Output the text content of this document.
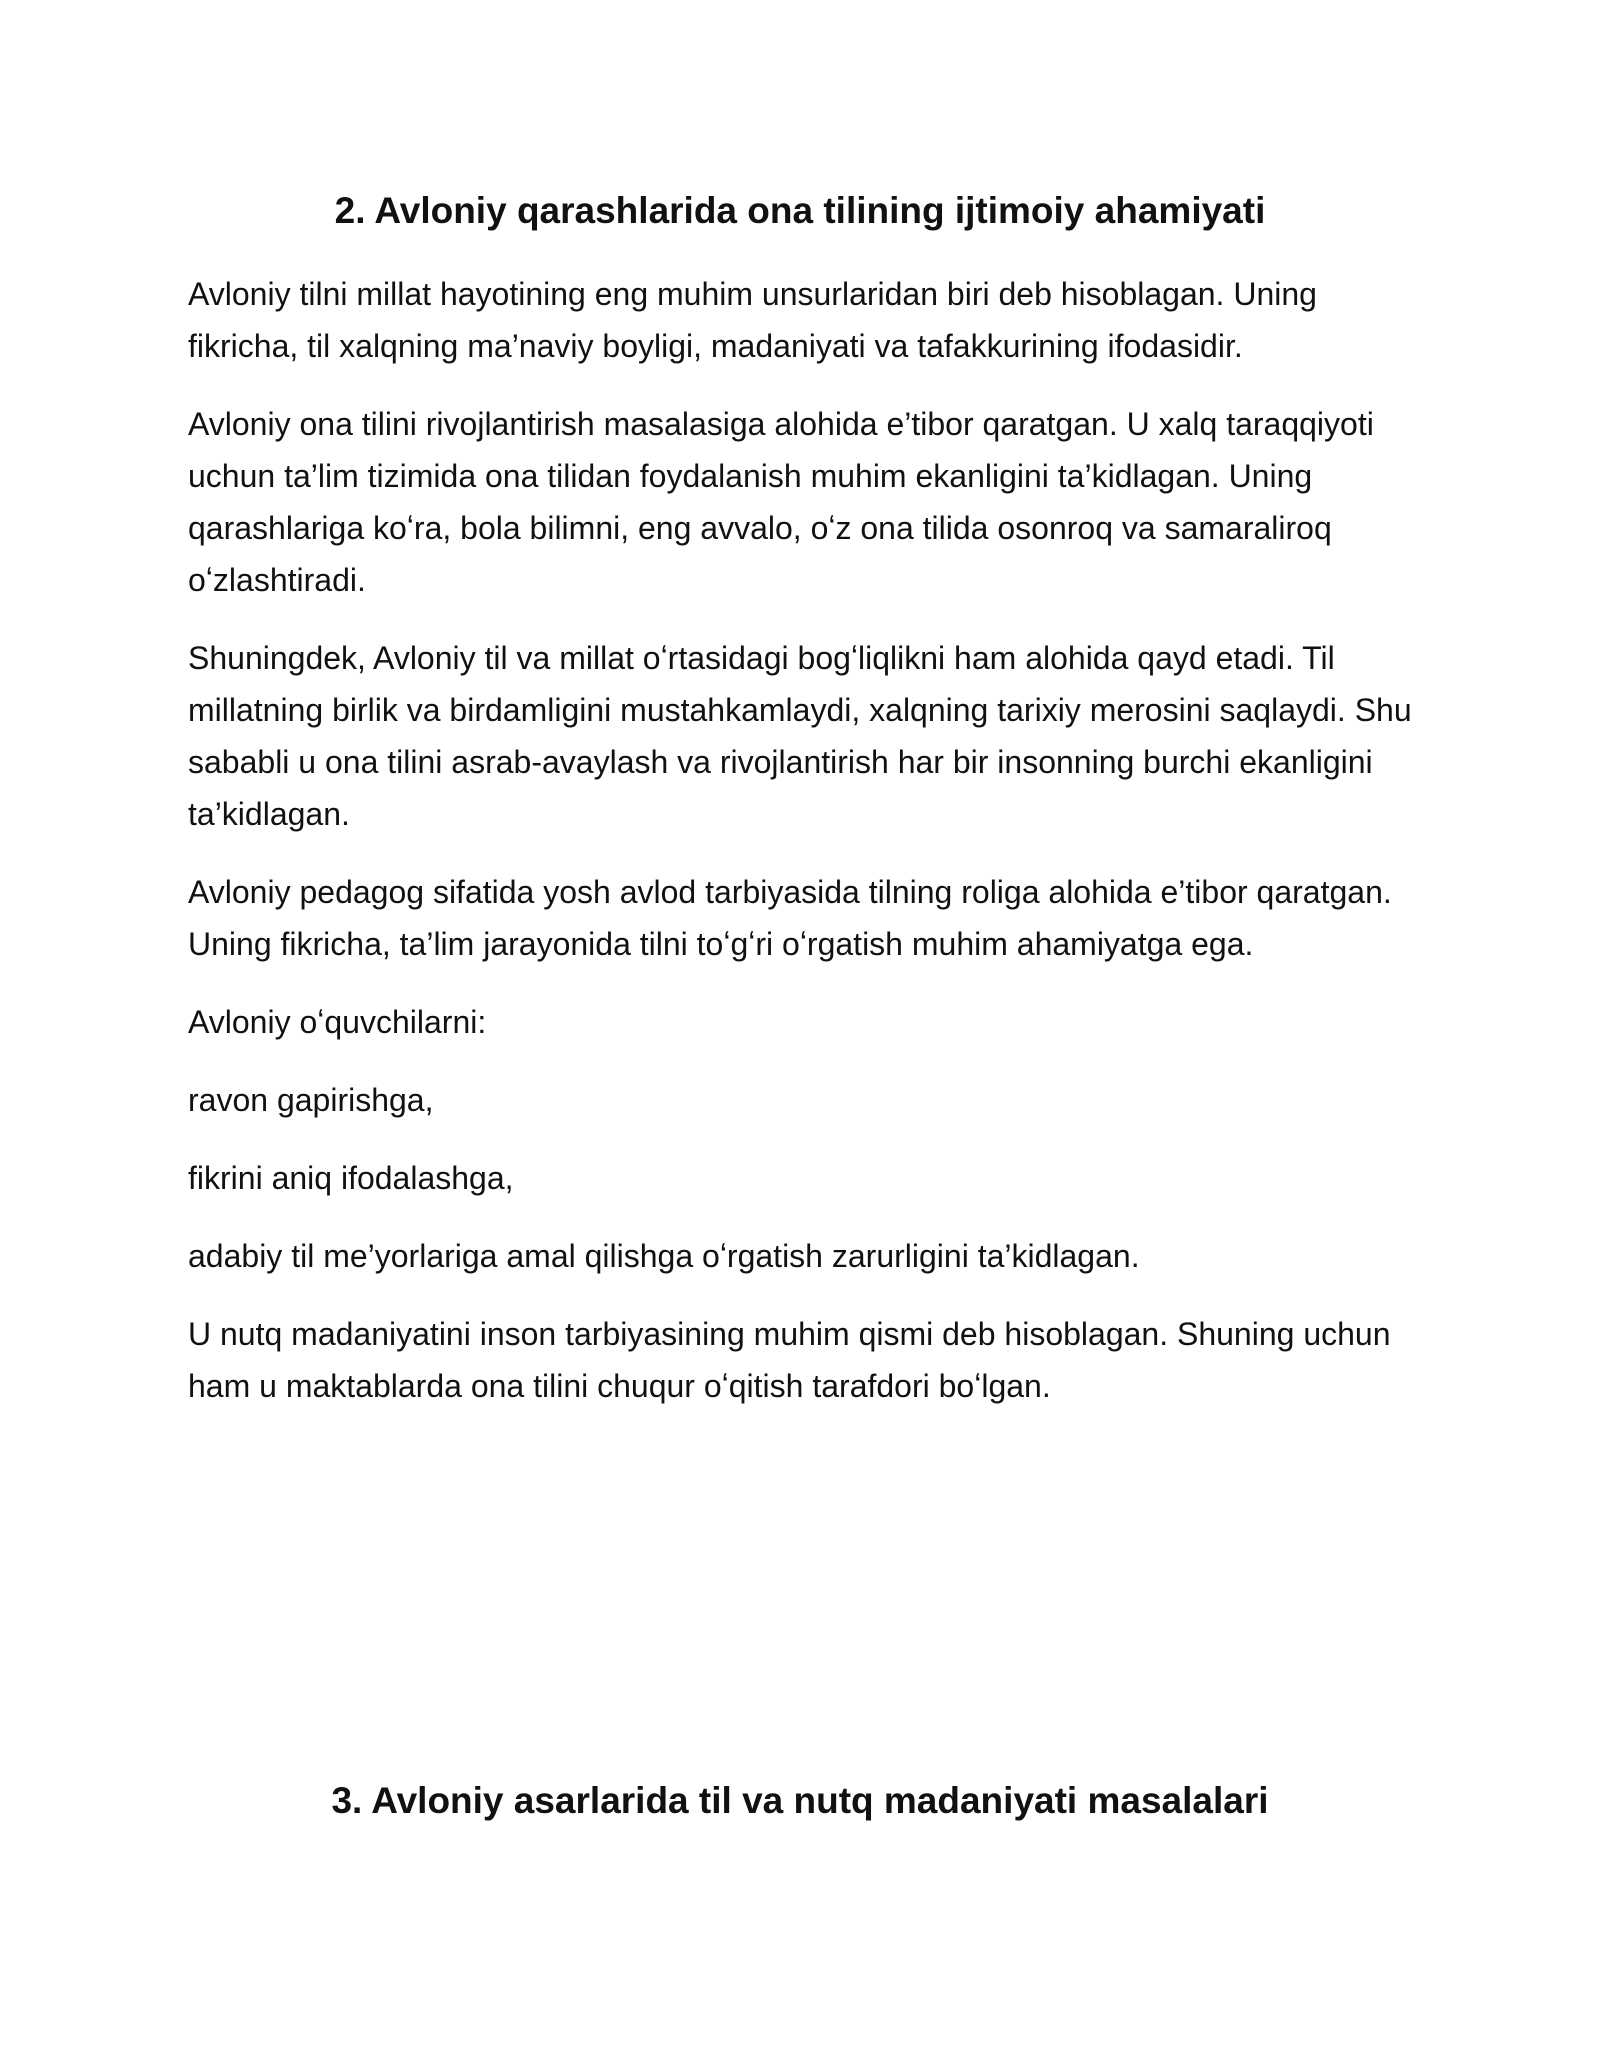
2. Avloniy qarashlarida ona tilining ijtimoiy ahamiyati

Avloniy tilni millat hayotining eng muhim unsurlaridan biri deb hisoblagan. Uning fikricha, til xalqning ma’naviy boyligi, madaniyati va tafakkurining ifodasidir.

Avloniy ona tilini rivojlantirish masalasiga alohida e’tibor qaratgan. U xalq taraqqiyoti uchun ta’lim tizimida ona tilidan foydalanish muhim ekanligini ta’kidlagan. Uning qarashlariga koʻra, bola bilimni, eng avvalo, oʻz ona tilida osonroq va samaraliroq oʻzlashtiradi.

Shuningdek, Avloniy til va millat oʻrtasidagi bogʻliqlikni ham alohida qayd etadi. Til millatning birlik va birdamligini mustahkamlaydi, xalqning tarixiy merosini saqlaydi. Shu sababli u ona tilini asrab-avaylash va rivojlantirish har bir insonning burchi ekanligini ta’kidlagan.

Avloniy pedagog sifatida yosh avlod tarbiyasida tilning roliga alohida e’tibor qaratgan. Uning fikricha, ta’lim jarayonida tilni toʻgʻri oʻrgatish muhim ahamiyatga ega.

Avloniy oʻquvchilarni:

ravon gapirishga,

fikrini aniq ifodalashga,

adabiy til me’yorlariga amal qilishga oʻrgatish zarurligini ta’kidlagan.

U nutq madaniyatini inson tarbiyasining muhim qismi deb hisoblagan. Shuning uchun ham u maktablarda ona tilini chuqur oʻqitish tarafdori boʻlgan.

3. Avloniy asarlarida til va nutq madaniyati masalalari
